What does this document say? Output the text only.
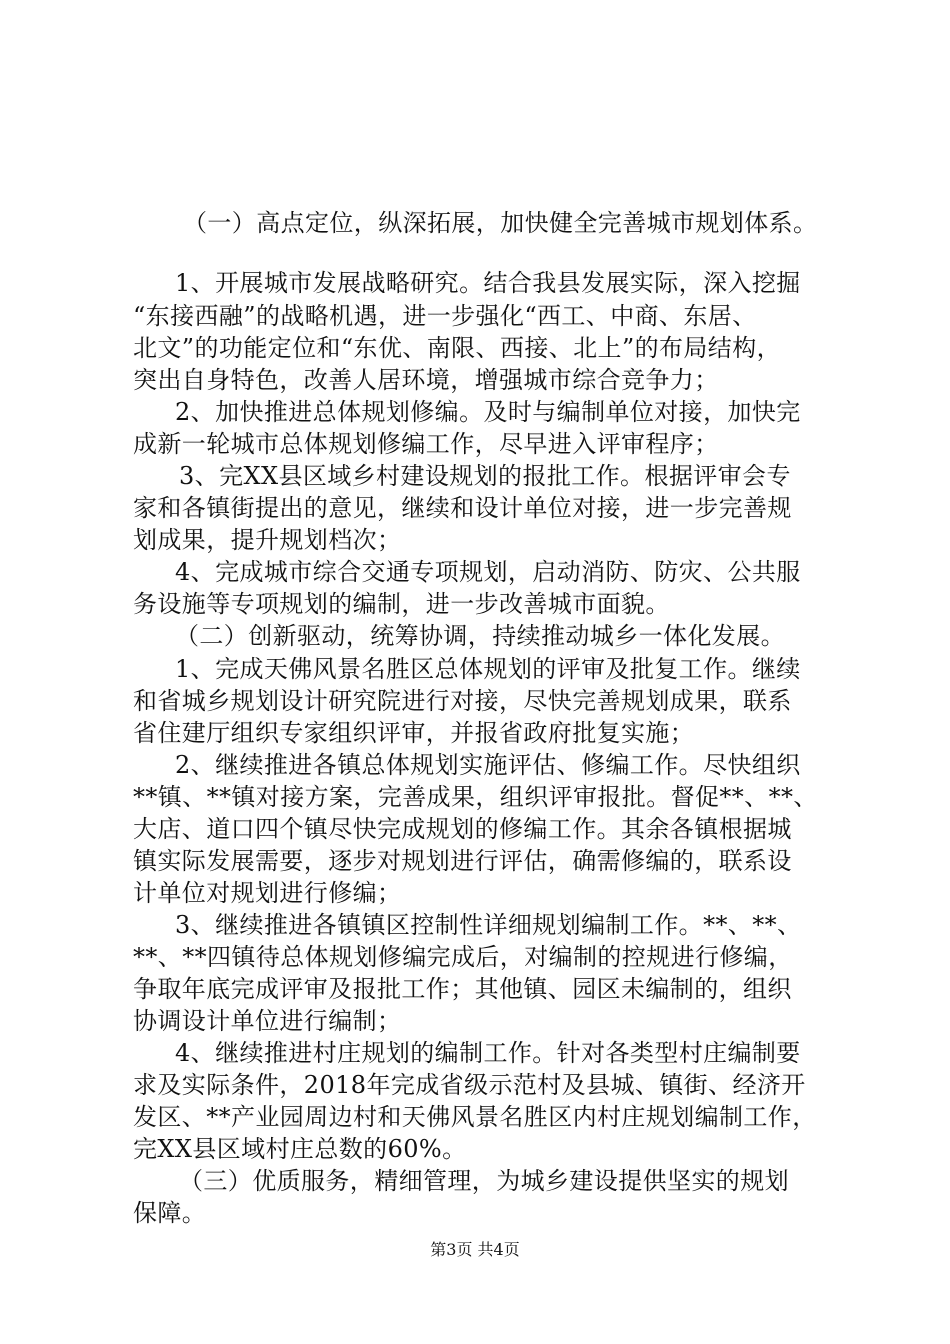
（一）高点定位，纵深拓展，加快健全完善城市规划体系。
1、开展城市发展战略研究。结合我县发展实际，深入挖掘
“东接西融”的战略机遇，进一步强化“西工、中商、东居、
北文”的功能定位和“东优、南限、西接、北上”的布局结构，
突出自身特色，改善人居环境，增强城市综合竞争力；
2、加快推进总体规划修编。及时与编制单位对接，加快完
成新一轮城市总体规划修编工作，尽早进入评审程序；
3、完XX县区域乡村建设规划的报批工作。根据评审会专
家和各镇街提出的意见，继续和设计单位对接，进一步完善规
划成果，提升规划档次；
4、完成城市综合交通专项规划，启动消防、防灾、公共服
务设施等专项规划的编制，进一步改善城市面貌。
（二）创新驱动，统筹协调，持续推动城乡一体化发展。
1、完成天佛风景名胜区总体规划的评审及批复工作。继续
和省城乡规划设计研究院进行对接，尽快完善规划成果，联系
省住建厅组织专家组织评审，并报省政府批复实施；
2、继续推进各镇总体规划实施评估、修编工作。尽快组织
**镇、**镇对接方案，完善成果，组织评审报批。督促**、**、
大店、道口四个镇尽快完成规划的修编工作。其余各镇根据城
镇实际发展需要，逐步对规划进行评估，确需修编的，联系设
计单位对规划进行修编；
3、继续推进各镇镇区控制性详细规划编制工作。**、**、
**、**四镇待总体规划修编完成后，对编制的控规进行修编，
争取年底完成评审及报批工作；其他镇、园区未编制的，组织
协调设计单位进行编制；
4、继续推进村庄规划的编制工作。针对各类型村庄编制要
求及实际条件，2018年完成省级示范村及县城、镇街、经济开
发区、**产业园周边村和天佛风景名胜区内村庄规划编制工作，
完XX县区域村庄总数的60%。
（三）优质服务，精细管理，为城乡建设提供坚实的规划
保障。
第3页 共4页
